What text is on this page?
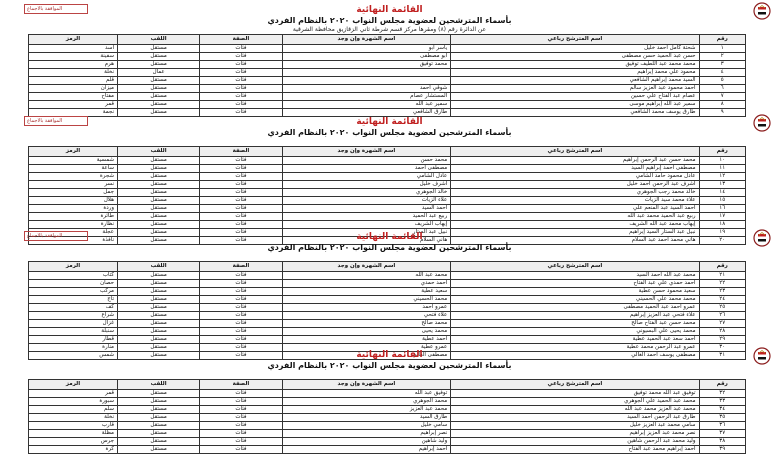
الموافقة بالاجماع	القائمة النهائية
بأسماء المترشحين لعضوية مجلس النواب ٢٠٢٠ بالنظام الفردي
عن الدائرة رقم (٨) ومقرها مركز قسم شرطة ثاني الزقازيق محافظة الشرقية
رقم	اسم المترشح رباعي	اسم الشهرة وإن وجد	الصفة	اللقب	الرمز
١	شحتة كامل أحمد خليل	ياسر ابو	فئات	مستقل	أسد
٢	حسن عبد الحميد حسن مصطفى	ابو مصطفى	فئات	مستقل	سفينة
٣	محمد محمد عبد اللطيف توفيق	محمد توفيق	فئات	مستقل	هرم
٤	محمود علي محمد إبراهيم		فئات	عمال	نخلة
٥	السيد محمد إبراهيم الشافعي		فئات	مستقل	قلم
٦	أحمد محمود عبد العزيز سالم	شوقي أحمد	فئات	مستقل	ميزان
٧	عصام عبد الفتاح علي حسين	المستشار عصام	فئات	مستقل	مفتاح
٨	سمير عبد الله إبراهيم موسى	سمير عبد الله	فئات	مستقل	قمر
٩	طارق يوسف محمد الشافعي	طارق الشافعي	فئات	مستقل	نجمة
الموافقة بالاجماع	القائمة النهائية
بأسماء المترشحين لعضوية مجلس النواب ٢٠٢٠ بالنظام الفردي
رقم	اسم المترشح رباعي	اسم الشهرة وإن وجد	الصفة	اللقب	الرمز
١٠	محمد حسن عبد الرحمن إبراهيم	محمد حسن	فئات	مستقل	شمسية
١١	مصطفى أحمد إبراهيم السيد	مصطفى أحمد	فئات	مستقل	ساعة
١٢	عادل محمود حامد الشامي	عادل الشامي	فئات	مستقل	شجرة
١٣	أشرف عبد الرحمن أحمد خليل	أشرف خليل	فئات	مستقل	نسر
١٤	خالد محمد رجب الجوهري	خالد الجوهري	فئات	مستقل	جمل
١٥	علاء محمد سيد الزيات	علاء الزيات	فئات	مستقل	هلال
١٦	أحمد السيد عبد المنعم علي	أحمد السيد	فئات	مستقل	وردة
١٧	ربيع عبد الحميد محمد عبد الله	ربيع عبد الحميد	فئات	مستقل	طائرة
١٨	إيهاب محمد عبد الله الشريف	إيهاب الشريف	فئات	مستقل	نظارة
١٩	نبيل عبد الستار السيد إبراهيم	نبيل عبد الستار	فئات	مستقل	عجلة
٢٠	هاني محمد أحمد عبد السلام	هاني السلام	فئات	مستقل	نافذة
الموافقة بالاجماع	القائمة النهائية
بأسماء المترشحين لعضوية مجلس النواب ٢٠٢٠ بالنظام الفردي
رقم	اسم المترشح رباعي	اسم الشهرة وإن وجد	الصفة	اللقب	الرمز
٢١	محمد عبد الله أحمد السيد	محمد عبد الله	فئات	مستقل	كتاب
٢٢	أحمد حمدي علي عبد الفتاح	أحمد حمدي	فئات	مستقل	حصان
٢٣	سعيد محمود حسن عطية	سعيد عطية	فئات	مستقل	مركب
٢٤	محمد محمد علي الحسيني	محمد الحسيني	فئات	مستقل	تاج
٢٥	عمرو أحمد عبد الحميد مصطفى	عمرو أحمد	فئات	مستقل	كف
٢٦	علاء فتحي عبد العزيز إبراهيم	علاء فتحي	فئات	مستقل	شراع
٢٧	محمد حسن عبد الفتاح صالح	محمد صالح	فئات	مستقل	غزال
٢٨	محمد يحيى علي البسيوني	محمد يحيى	فئات	مستقل	سنبلة
٢٩	أحمد سعد عبد الحميد عطية	أحمد عطية	فئات	مستقل	قطار
٣٠	عمرو عبد الرحمن محمد عطية	عمرو عطية	فئات	مستقل	منارة
٣١	مصطفى يوسف أحمد الغالي	مصطفى الغالي	فئات	مستقل	شمس	القائمة النهائية
بأسماء المترشحين لعضوية مجلس النواب ٢٠٢٠ بالنظام الفردي
رقم	اسم المترشح رباعي	اسم الشهرة وإن وجد	الصفة	اللقب	الرمز
٣٢	توفيق عبد الله محمد توفيق	توفيق عبد الله	فئات	مستقل	قمر
٣٣	محمد عبد الحميد علي الجوهري	محمد الجوهري	فئات	مستقل	سبورة
٣٤	محمد عبد العزيز محمد عبد الله	محمد عبد العزيز	فئات	مستقل	سلم
٣٥	طارق عبد الرحمن أحمد السيد	طارق السيد	فئات	مستقل	نخلة
٣٦	سامي محمد عبد العزيز خليل	سامي خليل	فئات	مستقل	قارب
٣٧	نصر محمد عبد العزيز إبراهيم	نصر إبراهيم	فئات	مستقل	مظلة
٣٨	وليد محمد عبد الرحمن شاهين	وليد شاهين	فئات	مستقل	جرس
٣٩	أحمد إبراهيم محمد عبد الفتاح	أحمد إبراهيم	فئات	مستقل	كرة
